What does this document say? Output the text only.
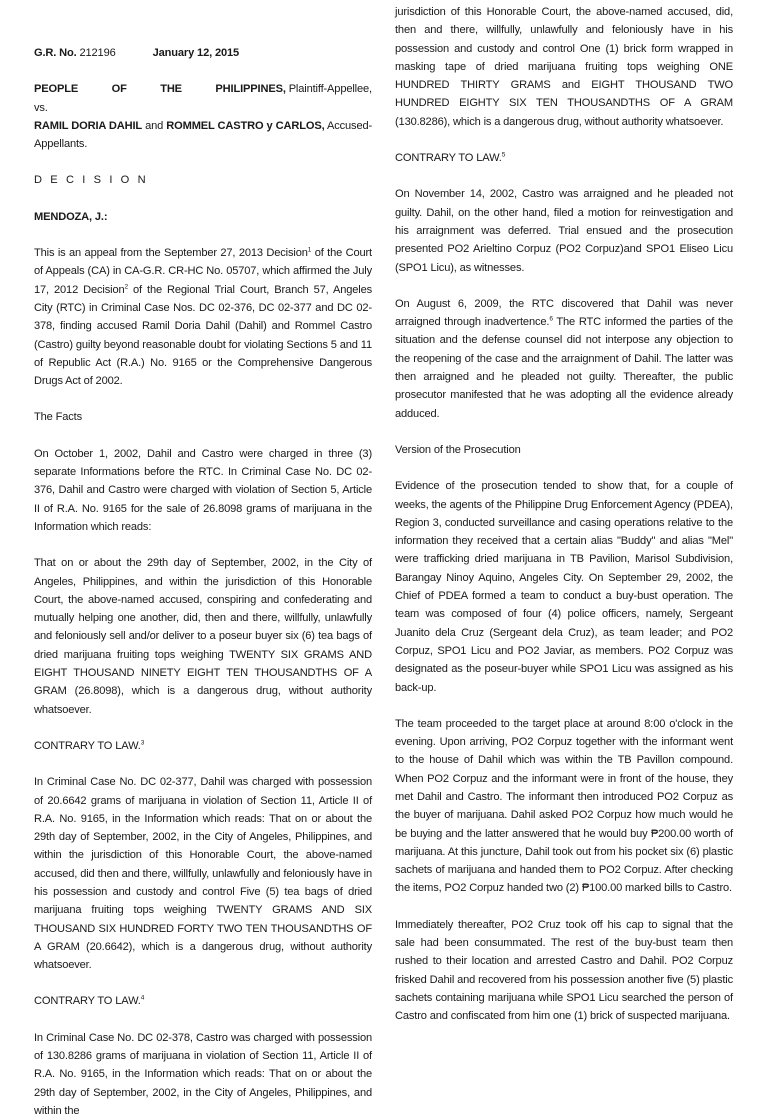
G.R. No. 212196	January 12, 2015
PEOPLE	OF	THE	PHILIPPINES, Plaintiff-Appellee,
vs.

RAMIL DORIA DAHIL and ROMMEL CASTRO y CARLOS, Accused-Appellants.

D E C I S I O N

MENDOZA, J.:

This is an appeal from the September 27, 2013 Decision$^1$ of the Court of Appeals (CA) in CA-G.R. CR-HC No. 05707, which affirmed the July 17, 2012 Decision$^2$ of the Regional Trial Court, Branch 57, Angeles City (RTC) in Criminal Case Nos. DC 02-376, DC 02-377 and DC 02-378, finding accused Ramil Doria Dahil (Dahil) and Rommel Castro (Castro) guilty beyond reasonable doubt for violating Sections 5 and 11 of Republic Act (R.A.) No. 9165 or the Comprehensive Dangerous Drugs Act of 2002.

The Facts

On October 1, 2002, Dahil and Castro were charged in three (3) separate Informations before the RTC. In Criminal Case No. DC 02-376, Dahil and Castro were charged with violation of Section 5, Article II of R.A. No. 9165 for the sale of 26.8098 grams of marijuana in the Information which reads:

That on or about the 29th day of September, 2002, in the City of Angeles, Philippines, and within the jurisdiction of this Honorable Court, the above-named accused, conspiring and confederating and mutually helping one another, did, then and there, willfully, unlawfully and feloniously sell and/or deliver to a poseur buyer six (6) tea bags of dried marijuana fruiting tops weighing TWENTY SIX GRAMS AND EIGHT THOUSAND NINETY EIGHT TEN THOUSANDTHS OF A GRAM (26.8098), which is a dangerous drug, without authority whatsoever.

CONTRARY TO LAW.$^3$

In Criminal Case No. DC 02-377, Dahil was charged with possession of 20.6642 grams of marijuana in violation of Section 11, Article II of R.A. No. 9165, in the Information which reads: That on or about the 29th day of September, 2002, in the City of Angeles, Philippines, and within the jurisdiction of this Honorable Court, the above-named accused, did then and there, willfully, unlawfully and feloniously have in his possession and custody and control Five (5) tea bags of dried marijuana fruiting tops weighing TWENTY GRAMS AND SIX THOUSAND SIX HUNDRED FORTY TWO TEN THOUSANDTHS OF A GRAM (20.6642), which is a dangerous drug, without authority whatsoever.

CONTRARY TO LAW.$^4$

In Criminal Case No. DC 02-378, Castro was charged with possession of 130.8286 grams of marijuana in violation of Section 11, Article II of R.A. No. 9165, in the Information which reads: That on or about the 29th day of September, 2002, in the City of Angeles, Philippines, and within the

jurisdiction of this Honorable Court, the above-named accused, did, then and there, willfully, unlawfully and feloniously have in his possession and custody and control One (1) brick form wrapped in masking tape of dried marijuana fruiting tops weighing ONE HUNDRED THIRTY GRAMS and EIGHT THOUSAND TWO HUNDRED EIGHTY SIX TEN THOUSANDTHS OF A GRAM (130.8286), which is a dangerous drug, without authority whatsoever.

CONTRARY TO LAW.$^5$

On November 14, 2002, Castro was arraigned and he pleaded not guilty. Dahil, on the other hand, filed a motion for reinvestigation and his arraignment was deferred. Trial ensued and the prosecution presented PO2 Arieltino Corpuz (PO2 Corpuz)and SPO1 Eliseo Licu (SPO1 Licu), as witnesses.

On August 6, 2009, the RTC discovered that Dahil was never arraigned through inadvertence.$^6$ The RTC informed the parties of the situation and the defense counsel did not interpose any objection to the reopening of the case and the arraignment of Dahil. The latter was then arraigned and he pleaded not guilty. Thereafter, the public prosecutor manifested that he was adopting all the evidence already adduced.

Version of the Prosecution

Evidence of the prosecution tended to show that, for a couple of weeks, the agents of the Philippine Drug Enforcement Agency (PDEA), Region 3, conducted surveillance and casing operations relative to the information they received that a certain alias "Buddy" and alias "Mel" were trafficking dried marijuana in TB Pavilion, Marisol Subdivision, Barangay Ninoy Aquino, Angeles City. On September 29, 2002, the Chief of PDEA formed a team to conduct a buy-bust operation. The team was composed of four (4) police officers, namely, Sergeant Juanito dela Cruz (Sergeant dela Cruz), as team leader; and PO2 Corpuz, SPO1 Licu and PO2 Javiar, as members. PO2 Corpuz was designated as the poseur-buyer while SPO1 Licu was assigned as his back-up.

The team proceeded to the target place at around 8:00 o'clock in the evening. Upon arriving, PO2 Corpuz together with the informant went to the house of Dahil which was within the TB Pavillon compound. When PO2 Corpuz and the informant were in front of the house, they met Dahil and Castro. The informant then introduced PO2 Corpuz as the buyer of marijuana. Dahil asked PO2 Corpuz how much would he be buying and the latter answered that he would buy ₱200.00 worth of marijuana. At this juncture, Dahil took out from his pocket six (6) plastic sachets of marijuana and handed them to PO2 Corpuz. After checking the items, PO2 Corpuz handed two (2) ₱100.00 marked bills to Castro.

Immediately thereafter, PO2 Cruz took off his cap to signal that the sale had been consummated. The rest of the buy-bust team then rushed to their location and arrested Castro and Dahil. PO2 Corpuz frisked Dahil and recovered from his possession another five (5) plastic sachets containing marijuana while SPO1 Licu searched the person of Castro and confiscated from him one (1) brick of suspected marijuana.
